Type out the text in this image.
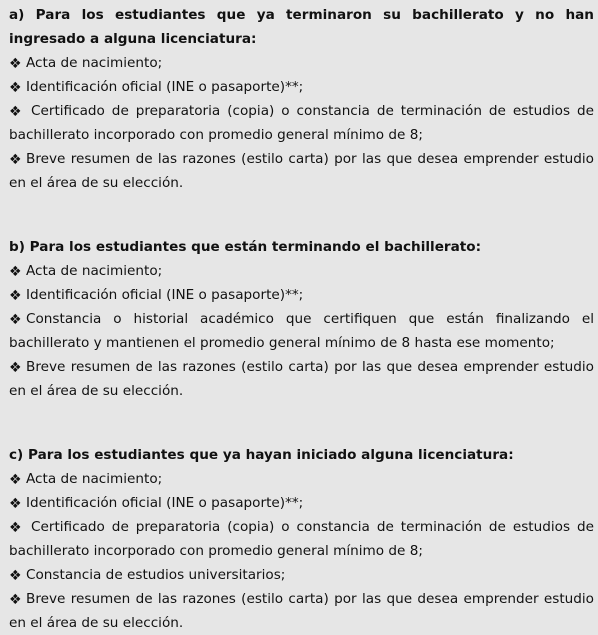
a) Para los estudiantes que ya terminaron su bachillerato y no han ingresado a alguna licenciatura:

❖ Acta de nacimiento;

❖ Identificación oficial (INE o pasaporte)**;

❖ Certificado de preparatoria (copia) o constancia de terminación de estudios de bachillerato incorporado con promedio general mínimo de 8;

❖ Breve resumen de las razones (estilo carta) por las que desea emprender estudio en el área de su elección.

b) Para los estudiantes que están terminando el bachillerato:

❖ Acta de nacimiento;

❖ Identificación oficial (INE o pasaporte)**;

❖ Constancia o historial académico que certifiquen que están finalizando el bachillerato y mantienen el promedio general mínimo de 8 hasta ese momento;

❖ Breve resumen de las razones (estilo carta) por las que desea emprender estudio en el área de su elección.

c) Para los estudiantes que ya hayan iniciado alguna licenciatura:

❖ Acta de nacimiento;

❖ Identificación oficial (INE o pasaporte)**;

❖ Certificado de preparatoria (copia) o constancia de terminación de estudios de bachillerato incorporado con promedio general mínimo de 8;

❖ Constancia de estudios universitarios;

❖ Breve resumen de las razones (estilo carta) por las que desea emprender estudio en el área de su elección.
